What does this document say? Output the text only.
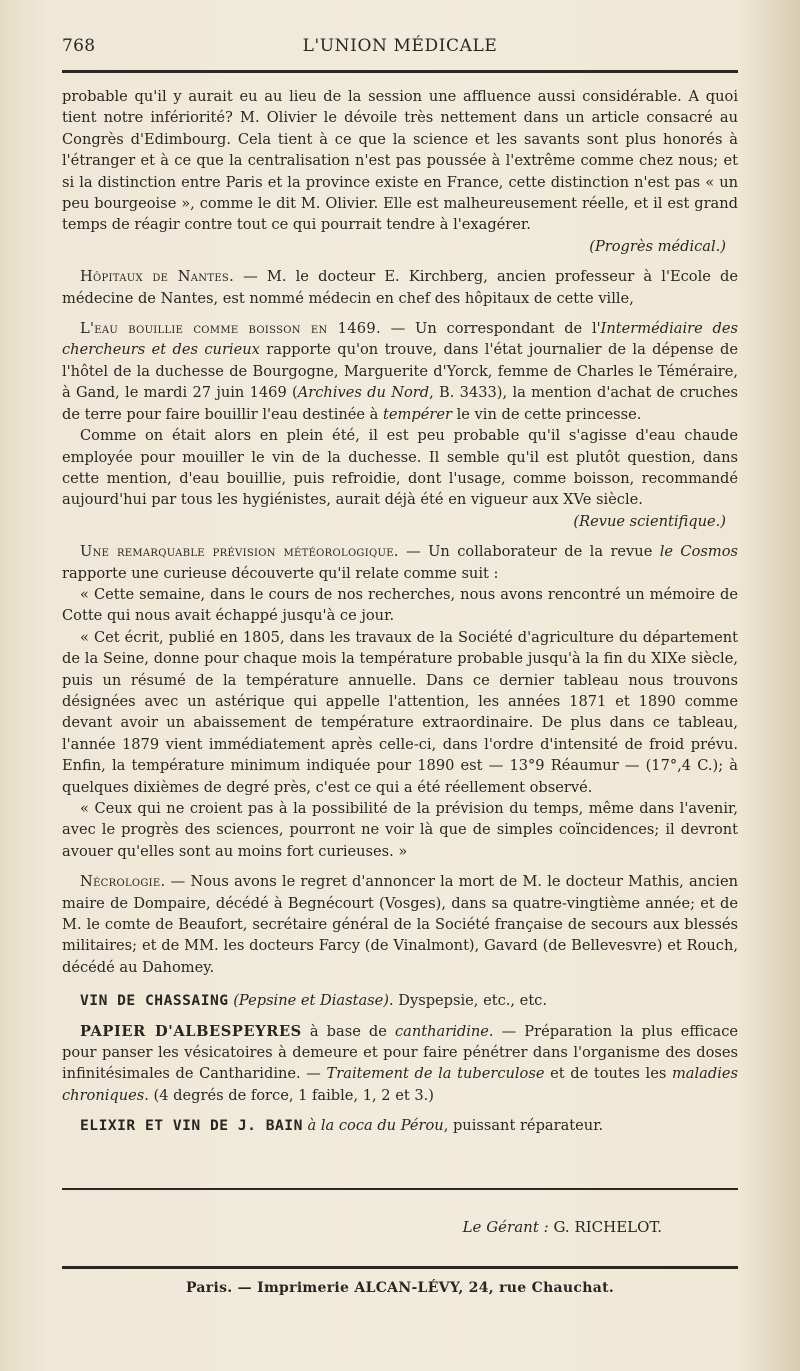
768	L'UNION MÉDICALE

probable qu'il y aurait eu au lieu de la session une affluence aussi considérable. A quoi tient notre infériorité? M. Olivier le dévoile très nettement dans un article consacré au Congrès d'Edimbourg. Cela tient à ce que la science et les savants sont plus honorés à l'étranger et à ce que la centralisation n'est pas poussée à l'extrême comme chez nous; et si la distinction entre Paris et la province existe en France, cette distinction n'est pas « un peu bourgeoise », comme le dit M. Olivier. Elle est malheureusement réelle, et il est grand temps de réagir contre tout ce qui pourrait tendre à l'exagérer.

(Progrès médical.)

Hôpitaux de Nantes. — M. le docteur E. Kirchberg, ancien professeur à l'Ecole de médecine de Nantes, est nommé médecin en chef des hôpitaux de cette ville,

L'eau bouillie comme boisson en 1469. — Un correspondant de l'Intermédiaire des chercheurs et des curieux rapporte qu'on trouve, dans l'état journalier de la dépense de l'hôtel de la duchesse de Bourgogne, Marguerite d'Yorck, femme de Charles le Téméraire, à Gand, le mardi 27 juin 1469 (Archives du Nord, B. 3433), la mention d'achat de cruches de terre pour faire bouillir l'eau destinée à tempérer le vin de cette princesse.

Comme on était alors en plein été, il est peu probable qu'il s'agisse d'eau chaude employée pour mouiller le vin de la duchesse. Il semble qu'il est plutôt question, dans cette mention, d'eau bouillie, puis refroidie, dont l'usage, comme boisson, recommandé aujourd'hui par tous les hygiénistes, aurait déjà été en vigueur aux XVe siècle.

(Revue scientifique.)

Une remarquable prévision météorologique. — Un collaborateur de la revue le Cosmos rapporte une curieuse découverte qu'il relate comme suit :

« Cette semaine, dans le cours de nos recherches, nous avons rencontré un mémoire de Cotte qui nous avait échappé jusqu'à ce jour.

« Cet écrit, publié en 1805, dans les travaux de la Société d'agriculture du département de la Seine, donne pour chaque mois la température probable jusqu'à la fin du XIXe siècle, puis un résumé de la température annuelle. Dans ce dernier tableau nous trouvons désignées avec un astérique qui appelle l'attention, les années 1871 et 1890 comme devant avoir un abaissement de température extraordinaire. De plus dans ce tableau, l'année 1879 vient immédiatement après celle-ci, dans l'ordre d'intensité de froid prévu. Enfin, la température minimum indiquée pour 1890 est — 13°9 Réaumur — (17°,4 C.); à quelques dixièmes de degré près, c'est ce qui a été réellement observé.

« Ceux qui ne croient pas à la possibilité de la prévision du temps, même dans l'avenir, avec le progrès des sciences, pourront ne voir là que de simples coïncidences; il devront avouer qu'elles sont au moins fort curieuses. »

Nécrologie. — Nous avons le regret d'annoncer la mort de M. le docteur Mathis, ancien maire de Dompaire, décédé à Begnécourt (Vosges), dans sa quatre-vingtième année; et de M. le comte de Beaufort, secrétaire général de la Société française de secours aux blessés militaires; et de MM. les docteurs Farcy (de Vinalmont), Gavard (de Bellevesvre) et Rouch, décédé au Dahomey.

VIN DE CHASSAING (Pepsine et Diastase). Dyspepsie, etc., etc.

PAPIER D'ALBESPEYRES à base de cantharidine. — Préparation la plus efficace pour panser les vésicatoires à demeure et pour faire pénétrer dans l'organisme des doses infinitésimales de Cantharidine. — Traitement de la tuberculose et de toutes les maladies chroniques. (4 degrés de force, 1 faible, 1, 2 et 3.)

ELIXIR ET VIN DE J. BAIN à la coca du Pérou, puissant réparateur.

Le Gérant : G. RICHELOT.
Paris. — Imprimerie ALCAN-LÉVY, 24, rue Chauchat.
